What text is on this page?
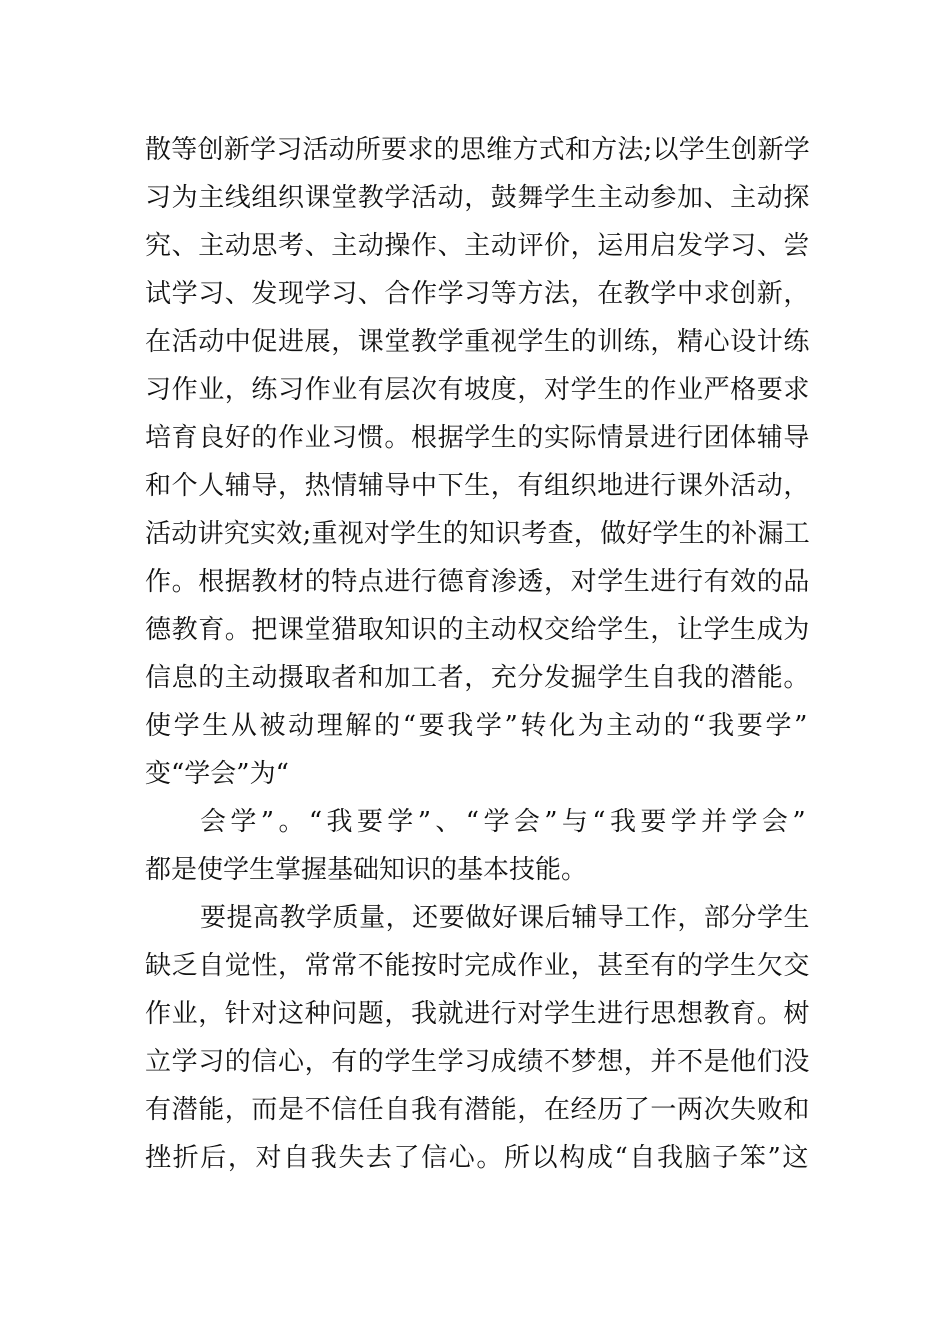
散等创新学习活动所要求的思维方式和方法;以学生创新学
习为主线组织课堂教学活动，鼓舞学生主动参加、主动探
究、主动思考、主动操作、主动评价，运用启发学习、尝
试学习、发现学习、合作学习等方法，在教学中求创新，
在活动中促进展，课堂教学重视学生的训练，精心设计练
习作业，练习作业有层次有坡度，对学生的作业严格要求
培育良好的作业习惯。根据学生的实际情景进行团体辅导
和个人辅导，热情辅导中下生，有组织地进行课外活动，
活动讲究实效;重视对学生的知识考查，做好学生的补漏工
作。根据教材的特点进行德育渗透，对学生进行有效的品
德教育。把课堂猎取知识的主动权交给学生，让学生成为
信息的主动摄取者和加工者，充分发掘学生自我的潜能。
使学生从被动理解的“要我学”转化为主动的“我要学”
变“学会”为“
会学”。“我要学”、“学会”与“我要学并学会”
都是使学生掌握基础知识的基本技能。
要提高教学质量，还要做好课后辅导工作，部分学生
缺乏自觉性，常常不能按时完成作业，甚至有的学生欠交
作业，针对这种问题，我就进行对学生进行思想教育。树
立学习的信心，有的学生学习成绩不梦想，并不是他们没
有潜能，而是不信任自我有潜能，在经历了一两次失败和
挫折后，对自我失去了信心。所以构成“自我脑子笨”这
